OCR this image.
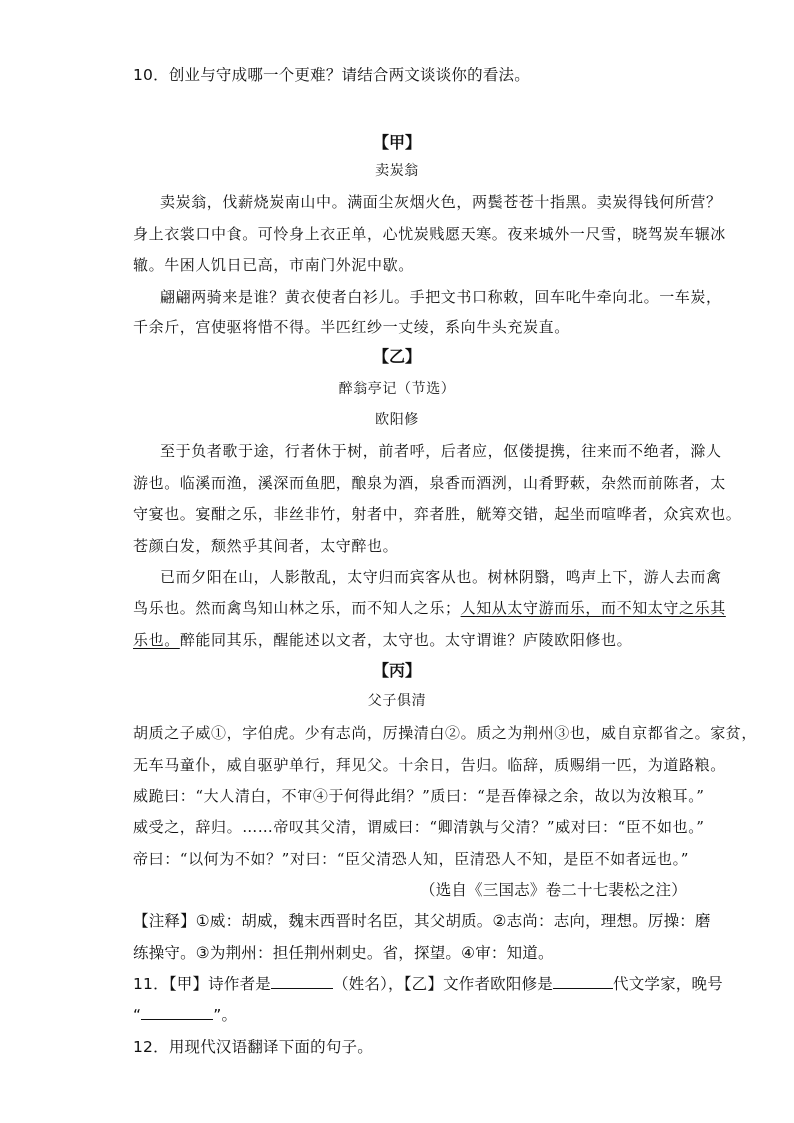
10．创业与守成哪一个更难？请结合两文谈谈你的看法。
【甲】
卖炭翁
卖炭翁，伐薪烧炭南山中。满面尘灰烟火色，两鬓苍苍十指黑。卖炭得钱何所营？
身上衣裳口中食。可怜身上衣正单，心忧炭贱愿天寒。夜来城外一尺雪，晓驾炭车辗冰
辙。牛困人饥日已高，市南门外泥中歇。
翩翩两骑来是谁？黄衣使者白衫儿。手把文书口称敕，回车叱牛牵向北。一车炭，
千余斤，宫使驱将惜不得。半匹红纱一丈绫，系向牛头充炭直。
【乙】
醉翁亭记（节选）
欧阳修
至于负者歌于途，行者休于树，前者呼，后者应，伛偻提携，往来而不绝者，滁人
游也。临溪而渔，溪深而鱼肥，酿泉为酒，泉香而酒洌，山肴野蔌，杂然而前陈者，太
守宴也。宴酣之乐，非丝非竹，射者中，弈者胜，觥筹交错，起坐而喧哗者，众宾欢也。
苍颜白发，颓然乎其间者，太守醉也。
已而夕阳在山，人影散乱，太守归而宾客从也。树林阴翳，鸣声上下，游人去而禽
鸟乐也。然而禽鸟知山林之乐，而不知人之乐；人知从太守游而乐，而不知太守之乐其
乐也。醉能同其乐，醒能述以文者，太守也。太守谓谁？庐陵欧阳修也。
【丙】
父子俱清
胡质之子威①，字伯虎。少有志尚，厉操清白②。质之为荆州③也，威自京都省之。家贫，
无车马童仆，威自驱驴单行，拜见父。十余日，告归。临辞，质赐绢一匹，为道路粮。
威跪曰：“大人清白，不审④于何得此绢？”质曰：“是吾俸禄之余，故以为汝粮耳。”
威受之，辞归。……帝叹其父清，谓威曰：“卿清孰与父清？”威对曰：“臣不如也。”
帝曰：“以何为不如？”对曰：“臣父清恐人知，臣清恐人不知，是臣不如者远也。”
（选自《三国志》卷二十七裴松之注）
【注释】①威：胡威，魏末西晋时名臣，其父胡质。②志尚：志向，理想。厉操：磨
练操守。③为荆州：担任荆州刺史。省，探望。④审：知道。
11．【甲】诗作者是	（姓名），【乙】文作者欧阳修是	代文学家，晚号
“	”。
12．用现代汉语翻译下面的句子。
